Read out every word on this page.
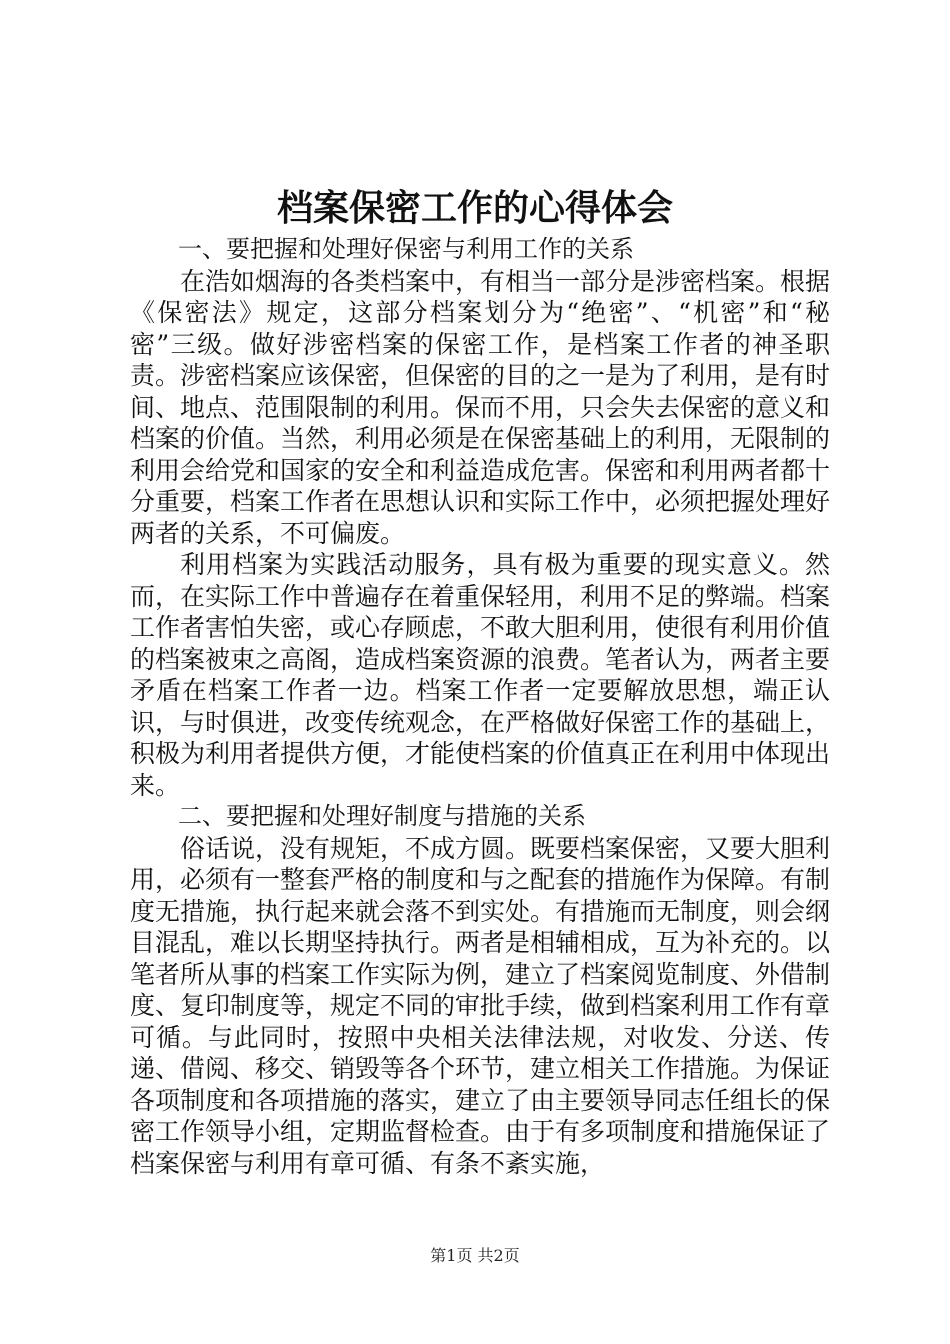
档案保密工作的心得体会

一、要把握和处理好保密与利用工作的关系

在浩如烟海的各类档案中，有相当一部分是涉密档案。根据《保密法》规定，这部分档案划分为“绝密”、“机密”和“秘密”三级。做好涉密档案的保密工作，是档案工作者的神圣职责。涉密档案应该保密，但保密的目的之一是为了利用，是有时间、地点、范围限制的利用。保而不用，只会失去保密的意义和档案的价值。当然，利用必须是在保密基础上的利用，无限制的利用会给党和国家的安全和利益造成危害。保密和利用两者都十分重要，档案工作者在思想认识和实际工作中，必须把握处理好两者的关系，不可偏废。

利用档案为实践活动服务，具有极为重要的现实意义。然而，在实际工作中普遍存在着重保轻用，利用不足的弊端。档案工作者害怕失密，或心存顾虑，不敢大胆利用，使很有利用价值的档案被束之高阁，造成档案资源的浪费。笔者认为，两者主要矛盾在档案工作者一边。档案工作者一定要解放思想，端正认识，与时俱进，改变传统观念，在严格做好保密工作的基础上，积极为利用者提供方便，才能使档案的价值真正在利用中体现出来。

二、要把握和处理好制度与措施的关系

俗话说，没有规矩，不成方圆。既要档案保密，又要大胆利用，必须有一整套严格的制度和与之配套的措施作为保障。有制度无措施，执行起来就会落不到实处。有措施而无制度，则会纲目混乱，难以长期坚持执行。两者是相辅相成，互为补充的。以笔者所从事的档案工作实际为例，建立了档案阅览制度、外借制度、复印制度等，规定不同的审批手续，做到档案利用工作有章可循。与此同时，按照中央相关法律法规，对收发、分送、传递、借阅、移交、销毁等各个环节，建立相关工作措施。为保证各项制度和各项措施的落实，建立了由主要领导同志任组长的保密工作领导小组，定期监督检查。由于有多项制度和措施保证了档案保密与利用有章可循、有条不紊实施，

第1页 共2页
